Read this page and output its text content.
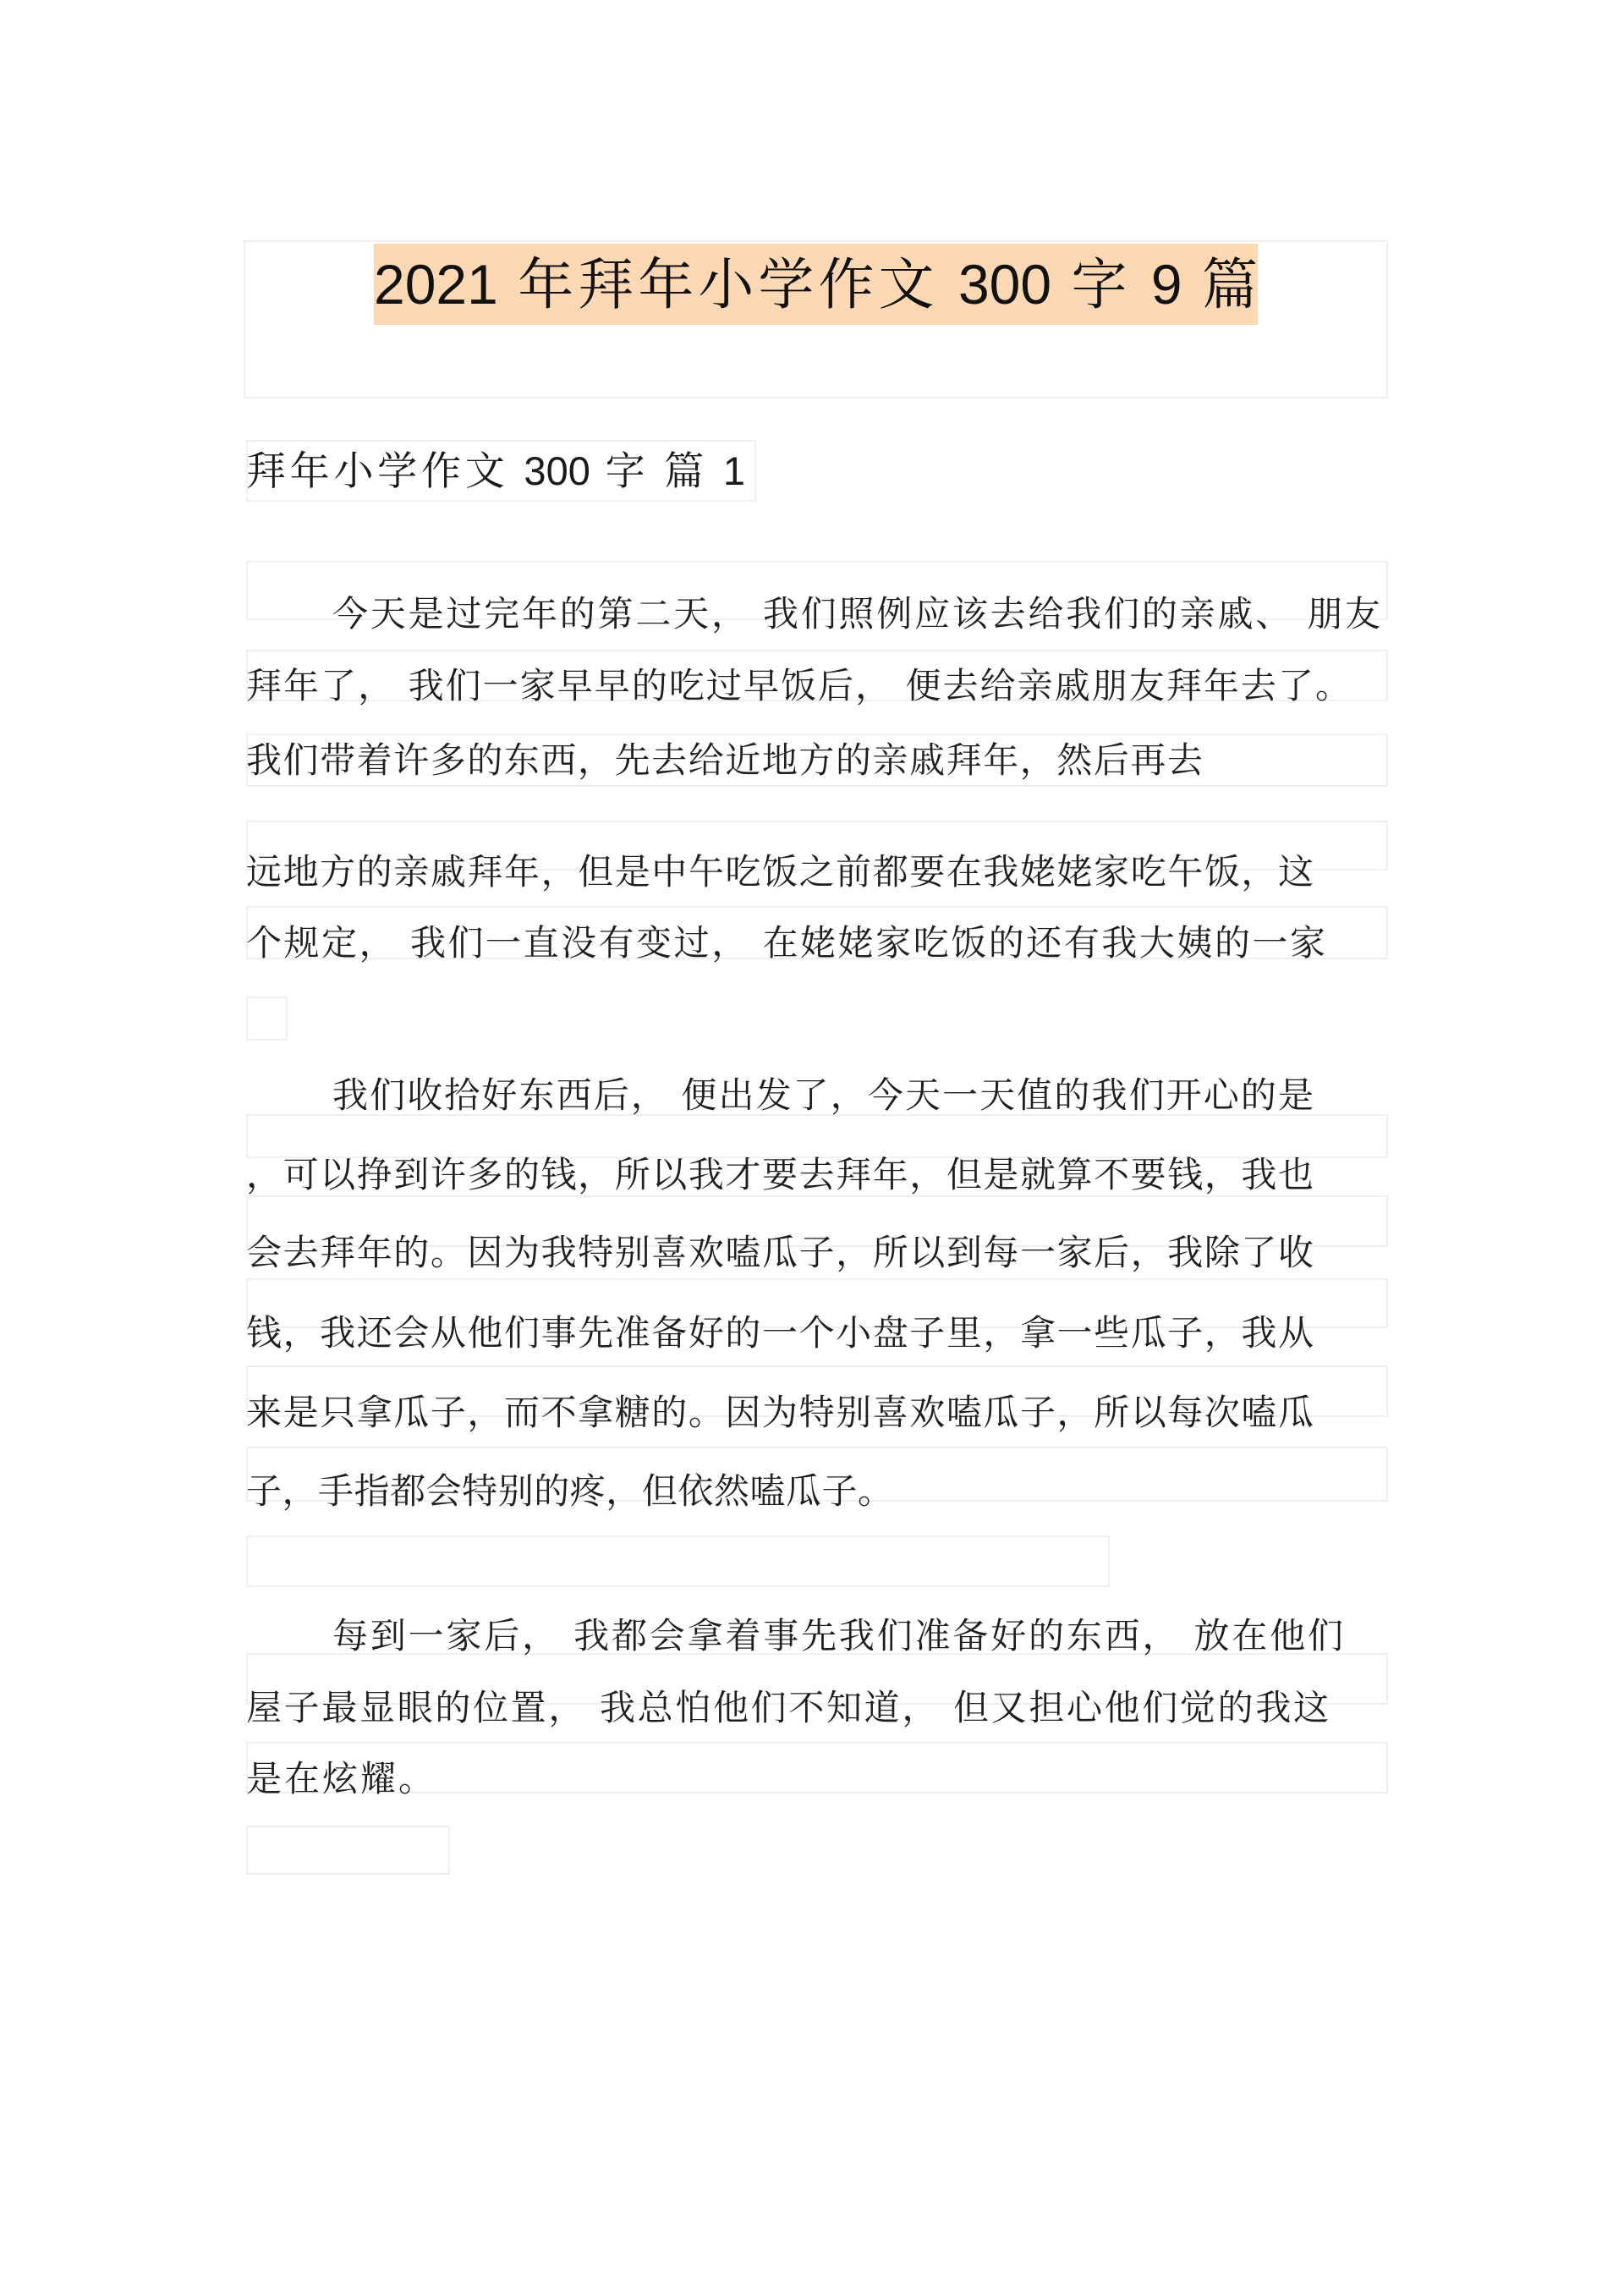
2021 年拜年小学作文 300 字 9 篇
拜年小学作文 300 字 篇 1
今天是过完年的第二天， 我们照例应该去给我们的亲戚、 朋友
拜年了， 我们一家早早的吃过早饭后， 便去给亲戚朋友拜年去了。
我们带着许多的东西，先去给近地方的亲戚拜年，然后再去
远地方的亲戚拜年，但是中午吃饭之前都要在我姥姥家吃午饭，这
个规定， 我们一直没有变过， 在姥姥家吃饭的还有我大姨的一家
我们收拾好东西后， 便出发了，今天一天值的我们开心的是
，可以挣到许多的钱，所以我才要去拜年，但是就算不要钱，我也
会去拜年的。因为我特别喜欢嗑瓜子，所以到每一家后，我除了收
钱，我还会从他们事先准备好的一个小盘子里，拿一些瓜子，我从
来是只拿瓜子，而不拿糖的。因为特别喜欢嗑瓜子，所以每次嗑瓜
子，手指都会特别的疼，但依然嗑瓜子。
每到一家后， 我都会拿着事先我们准备好的东西， 放在他们
屋子最显眼的位置， 我总怕他们不知道， 但又担心他们觉的我这
是在炫耀。
